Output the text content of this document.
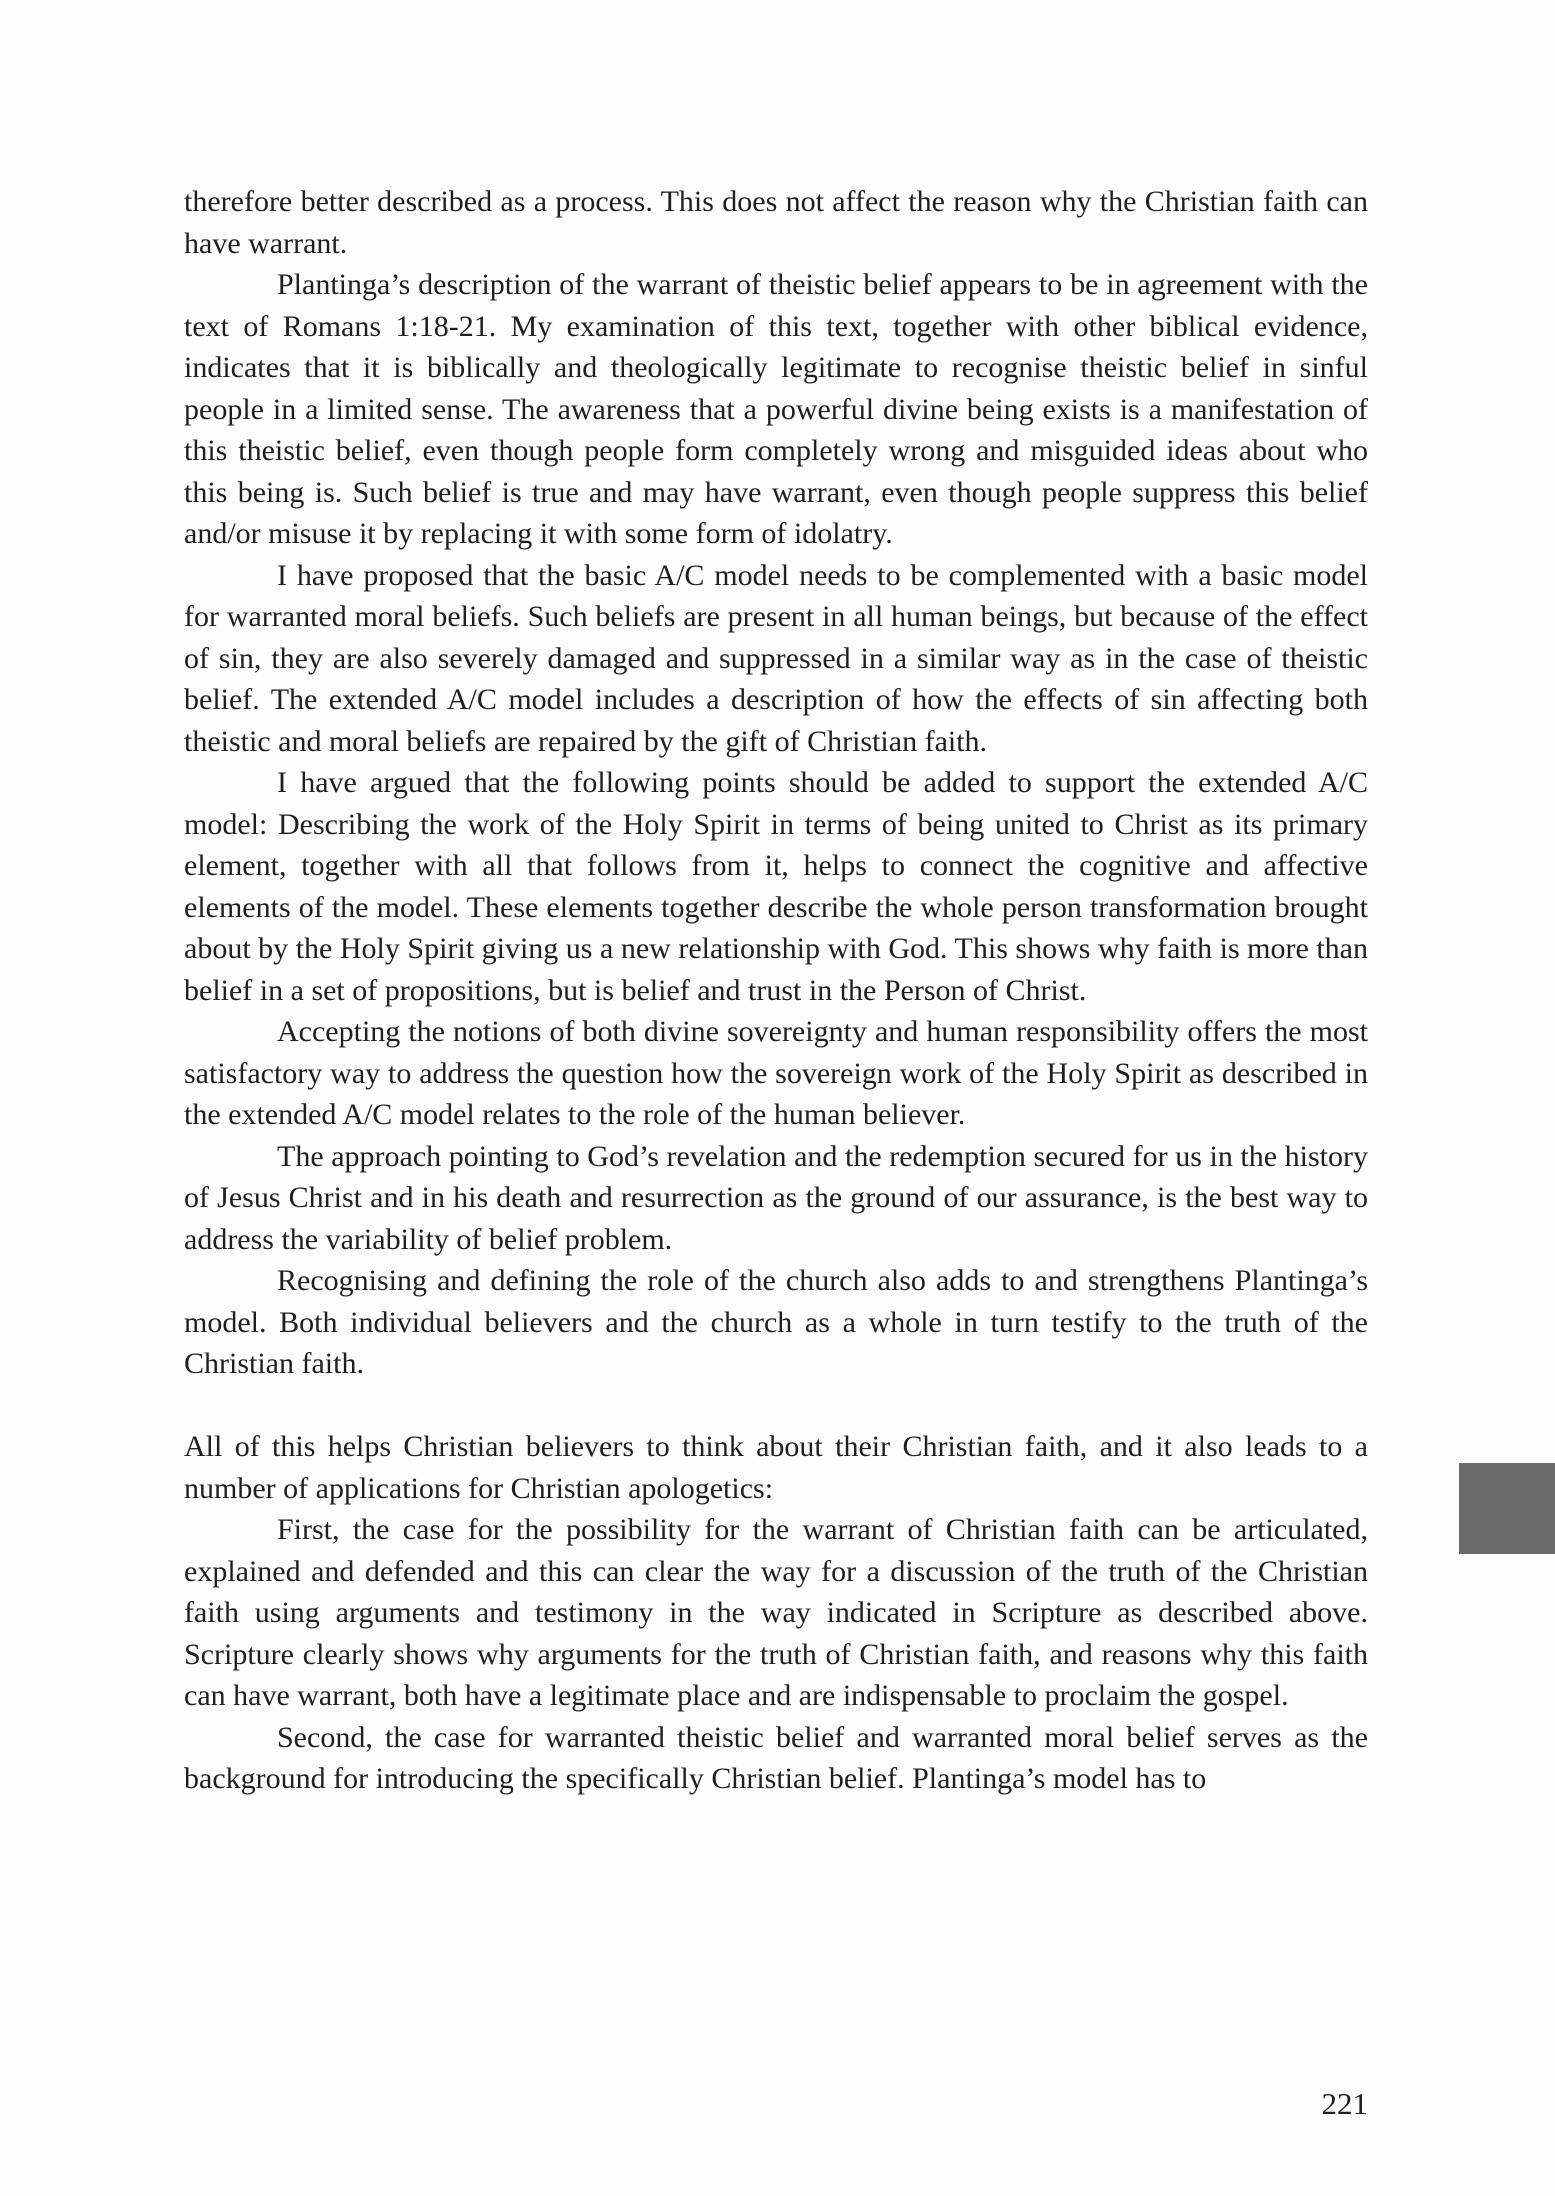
therefore better described as a process. This does not affect the reason why the Christian faith can have warrant.

Plantinga’s description of the warrant of theistic belief appears to be in agreement with the text of Romans 1:18-21. My examination of this text, together with other biblical evidence, indicates that it is biblically and theologically legitimate to recognise theistic belief in sinful people in a limited sense. The awareness that a powerful divine being exists is a manifestation of this theistic belief, even though people form completely wrong and misguided ideas about who this being is. Such belief is true and may have warrant, even though people suppress this belief and/or misuse it by replacing it with some form of idolatry.

I have proposed that the basic A/C model needs to be complemented with a basic model for warranted moral beliefs. Such beliefs are present in all human beings, but because of the effect of sin, they are also severely damaged and suppressed in a similar way as in the case of theistic belief. The extended A/C model includes a description of how the effects of sin affecting both theistic and moral beliefs are repaired by the gift of Christian faith.

I have argued that the following points should be added to support the extended A/C model: Describing the work of the Holy Spirit in terms of being united to Christ as its primary element, together with all that follows from it, helps to connect the cognitive and affective elements of the model. These elements together describe the whole person transformation brought about by the Holy Spirit giving us a new relationship with God. This shows why faith is more than belief in a set of propositions, but is belief and trust in the Person of Christ.

Accepting the notions of both divine sovereignty and human responsibility offers the most satisfactory way to address the question how the sovereign work of the Holy Spirit as described in the extended A/C model relates to the role of the human believer.

The approach pointing to God’s revelation and the redemption secured for us in the history of Jesus Christ and in his death and resurrection as the ground of our assurance, is the best way to address the variability of belief problem.

Recognising and defining the role of the church also adds to and strengthens Plantinga’s model. Both individual believers and the church as a whole in turn testify to the truth of the Christian faith.

All of this helps Christian believers to think about their Christian faith, and it also leads to a number of applications for Christian apologetics:

First, the case for the possibility for the warrant of Christian faith can be articulated, explained and defended and this can clear the way for a discussion of the truth of the Christian faith using arguments and testimony in the way indicated in Scripture as described above. Scripture clearly shows why arguments for the truth of Christian faith, and reasons why this faith can have warrant, both have a legitimate place and are indispensable to proclaim the gospel.

Second, the case for warranted theistic belief and warranted moral belief serves as the background for introducing the specifically Christian belief. Plantinga’s model has to

221
